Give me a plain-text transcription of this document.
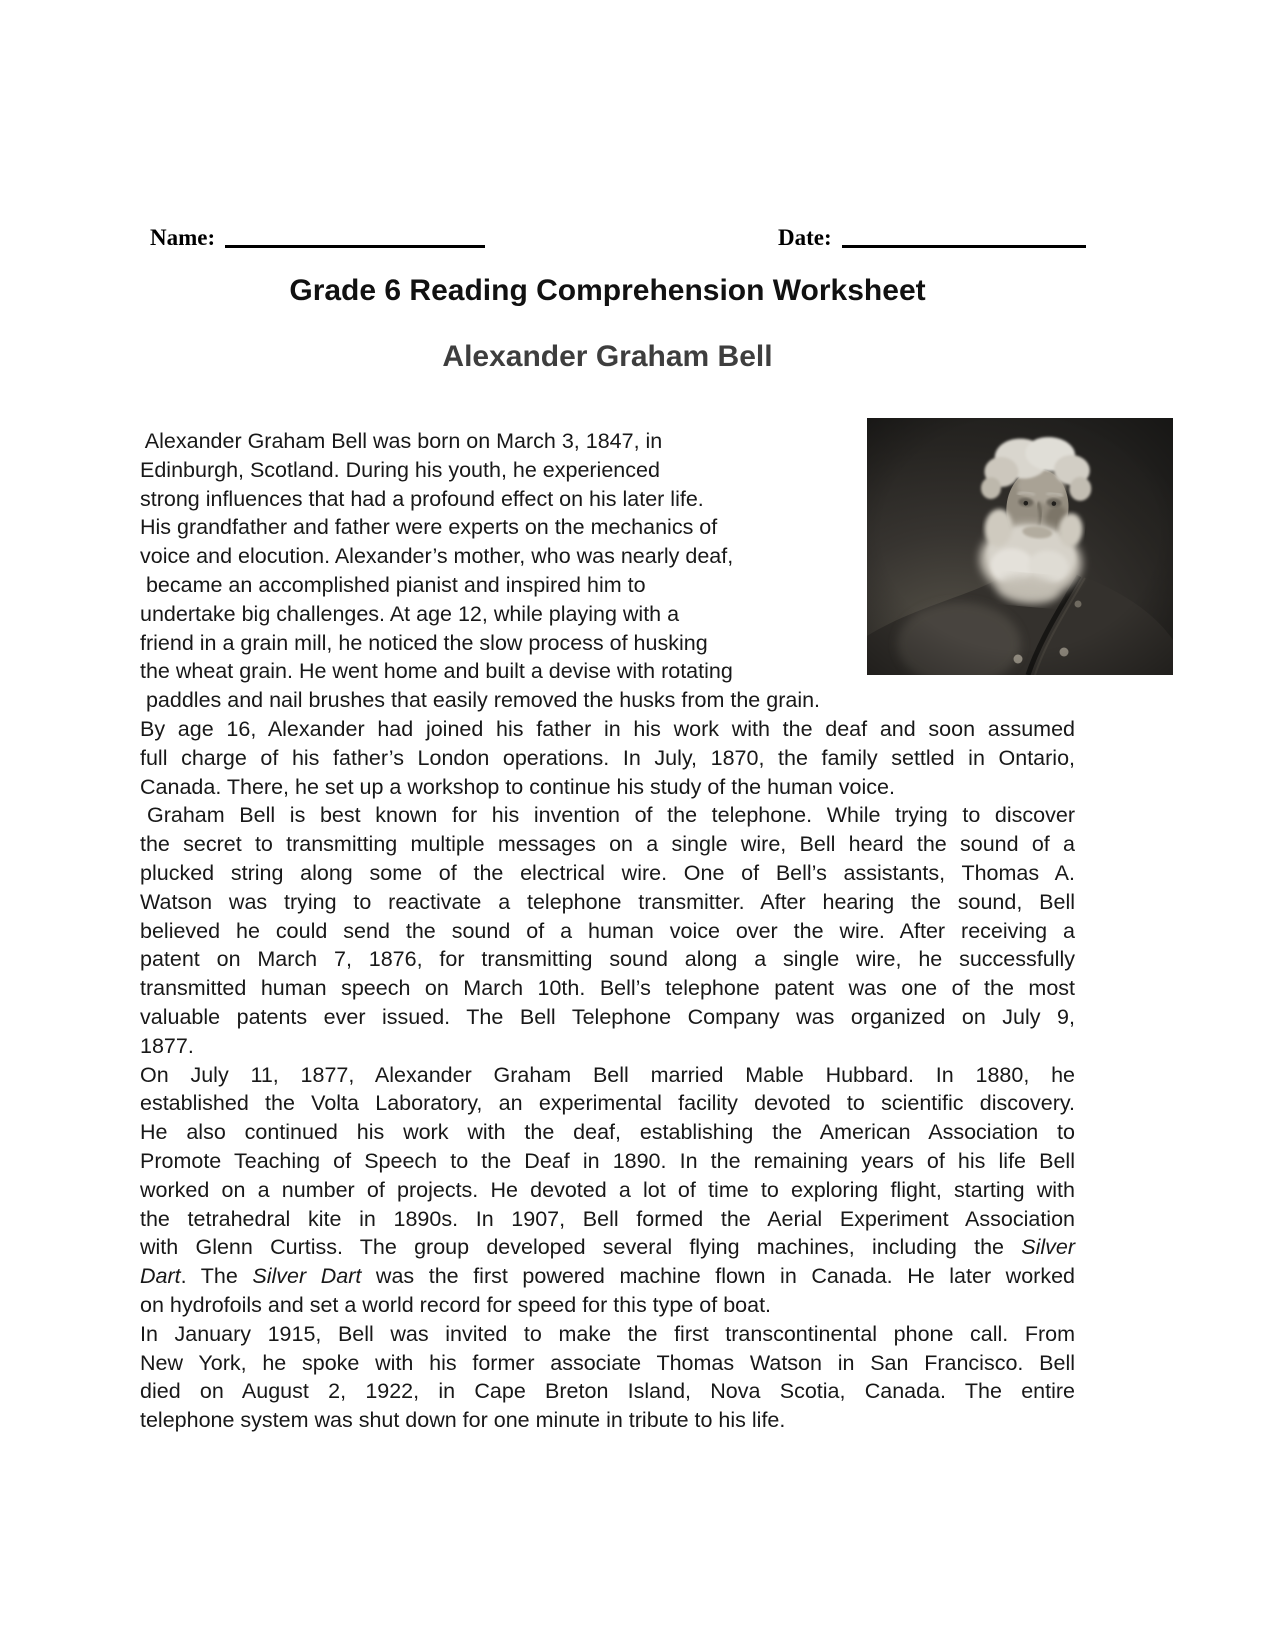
Name:	Date:
Grade 6 Reading Comprehension Worksheet
Alexander Graham Bell
Alexander Graham Bell was born on March 3, 1847, in
Edinburgh, Scotland. During his youth, he experienced
strong influences that had a profound effect on his later life.
His grandfather and father were experts on the mechanics of
voice and elocution. Alexander’s mother, who was nearly deaf,
became an accomplished pianist and inspired him to
undertake big challenges. At age 12, while playing with a
friend in a grain mill, he noticed the slow process of husking
the wheat grain. He went home and built a devise with rotating
paddles and nail brushes that easily removed the husks from the grain.
By age 16, Alexander had joined his father in his work with the deaf and soon assumed
full charge of his father’s London operations. In July, 1870, the family settled in Ontario,
Canada. There, he set up a workshop to continue his study of the human voice.
Graham Bell is best known for his invention of the telephone. While trying to discover
the secret to transmitting multiple messages on a single wire, Bell heard the sound of a
plucked string along some of the electrical wire. One of Bell’s assistants, Thomas A.
Watson was trying to reactivate a telephone transmitter. After hearing the sound, Bell
believed he could send the sound of a human voice over the wire. After receiving a
patent on March 7, 1876, for transmitting sound along a single wire, he successfully
transmitted human speech on March 10th. Bell’s telephone patent was one of the most
valuable patents ever issued. The Bell Telephone Company was organized on July 9,
1877.
On July 11, 1877, Alexander Graham Bell married Mable Hubbard. In 1880, he
established the Volta Laboratory, an experimental facility devoted to scientific discovery.
He also continued his work with the deaf, establishing the American Association to
Promote Teaching of Speech to the Deaf in 1890. In the remaining years of his life Bell
worked on a number of projects. He devoted a lot of time to exploring flight, starting with
the tetrahedral kite in 1890s. In 1907, Bell formed the Aerial Experiment Association
with Glenn Curtiss. The group developed several flying machines, including the Silver
Dart. The Silver Dart was the first powered machine flown in Canada. He later worked
on hydrofoils and set a world record for speed for this type of boat.
In January 1915, Bell was invited to make the first transcontinental phone call. From
New York, he spoke with his former associate Thomas Watson in San Francisco. Bell
died on August 2, 1922, in Cape Breton Island, Nova Scotia, Canada. The entire
telephone system was shut down for one minute in tribute to his life.
